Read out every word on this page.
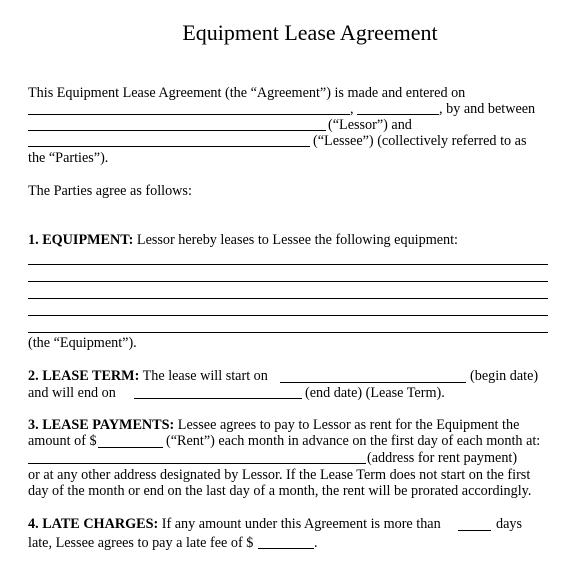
Equipment Lease Agreement
This Equipment Lease Agreement (the “Agreement”) is made and entered on
,	, by and between
(“Lessor”) and
(“Lessee”) (collectively referred to as
the “Parties”).
The Parties agree as follows:
1. EQUIPMENT: Lessor hereby leases to Lessee the following equipment:
(the “Equipment”).
2. LEASE TERM: The lease will start on	(begin date)
and will end on	(end date) (Lease Term).
3. LEASE PAYMENTS: Lessee agrees to pay to Lessor as rent for the Equipment the
amount of $	(“Rent”) each month in advance on the first day of each month at:
(address for rent payment)
or at any other address designated by Lessor. If the Lease Term does not start on the first
day of the month or end on the last day of a month, the rent will be prorated accordingly.
4. LATE CHARGES: If any amount under this Agreement is more than	days
late, Lessee agrees to pay a late fee of $	.
